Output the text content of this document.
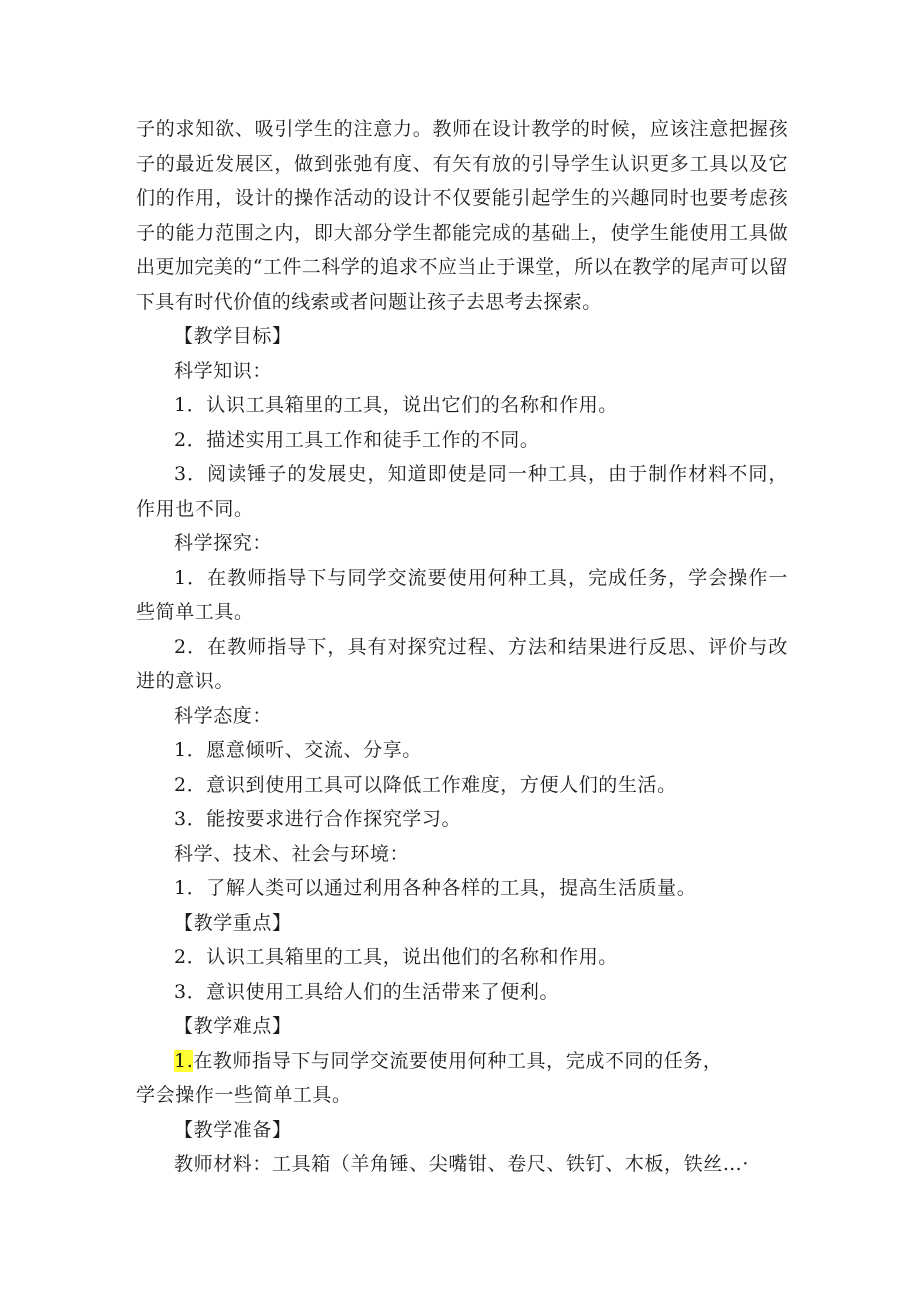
子的求知欲、吸引学生的注意力。教师在设计教学的时候，应该注意把握孩子的最近发展区，做到张弛有度、有矢有放的引导学生认识更多工具以及它们的作用，设计的操作活动的设计不仅要能引起学生的兴趣同时也要考虑孩子的能力范围之内，即大部分学生都能完成的基础上，使学生能使用工具做出更加完美的“工件二科学的追求不应当止于课堂，所以在教学的尾声可以留下具有时代价值的线索或者问题让孩子去思考去探索。

【教学目标】

科学知识：

1．认识工具箱里的工具，说出它们的名称和作用。

2．描述实用工具工作和徒手工作的不同。

3．阅读锤子的发展史，知道即使是同一种工具，由于制作材料不同，作用也不同。

科学探究：

1．在教师指导下与同学交流要使用何种工具，完成任务，学会操作一些简单工具。

2．在教师指导下，具有对探究过程、方法和结果进行反思、评价与改进的意识。

科学态度：

1．愿意倾听、交流、分享。

2．意识到使用工具可以降低工作难度，方便人们的生活。

3．能按要求进行合作探究学习。

科学、技术、社会与环境：

1．了解人类可以通过利用各种各样的工具，提高生活质量。

【教学重点】

2．认识工具箱里的工具，说出他们的名称和作用。

3．意识使用工具给人们的生活带来了便利。

【教学难点】

1.在教师指导下与同学交流要使用何种工具，完成不同的任务，

学会操作一些简单工具。

【教学准备】

教师材料：工具箱（羊角锤、尖嘴钳、卷尺、铁钉、木板，铁丝…·
